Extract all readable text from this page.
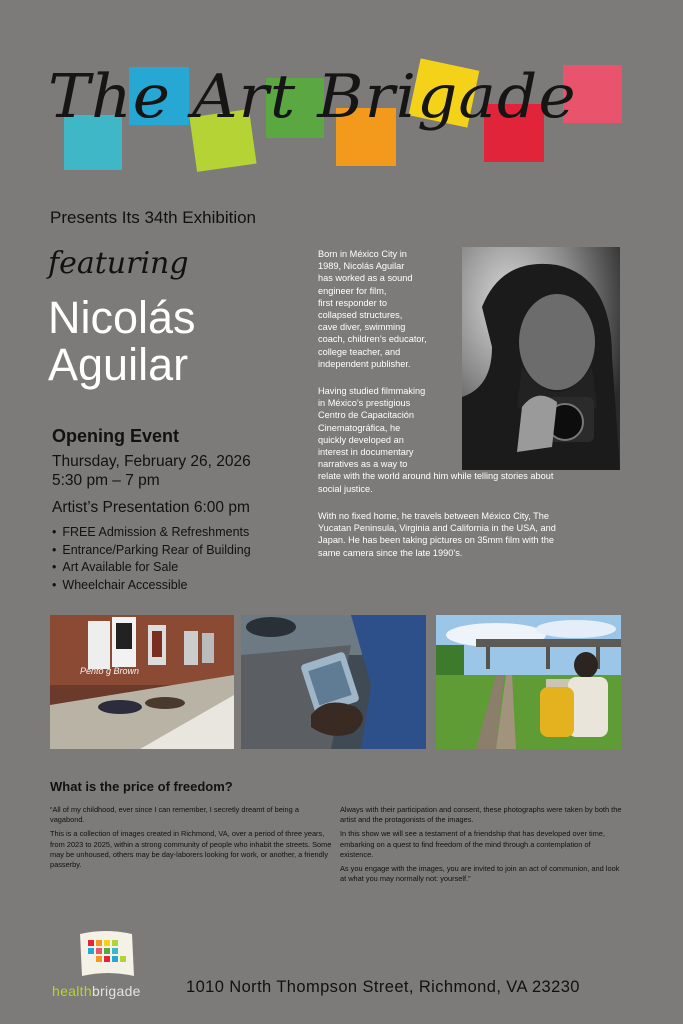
The Art Brigade
Presents Its 34th Exhibition
featuring
Nicolás
Aguilar
Opening Event
Thursday, February 26, 2026
5:30 pm – 7 pm
Artist’s Presentation 6:00 pm
• FREE Admission & Refreshments
• Entrance/Parking Rear of Building
• Art Available for Sale
• Wheelchair Accessible
Born in México City in
1989, Nicolás Aguilar
has worked as a sound
engineer for film,
first responder to
collapsed structures,
cave diver, swimming
coach, children’s educator,
college teacher, and
independent publisher.
Having studied filmmaking
in México’s prestigious
Centro de Capacitación
Cinematográfica, he
quickly developed an
interest in documentary
narratives as a way to
relate with the world around him while telling stories about
social justice.
With no fixed home, he travels between México City, The
Yucatan Peninsula, Virginia and California in the USA, and
Japan. He has been taking pictures on 35mm film with the
same camera since the late 1990’s.
Pento g Brown
What is the price of freedom?

“All of my childhood, ever since I can remember, I secretly dreamt of being a vagabond.

This is a collection of images created in Richmond, VA, over a period of three years, from 2023 to 2025, within a strong community of people who inhabit the streets. Some may be unhoused, others may be day-laborers looking for work, or another, a friendly passerby.

Always with their participation and consent, these photographs were taken by both the artist and the protagonists of the images.

In this show we will see a testament of a friendship that has developed over time, embarking on a quest to find freedom of the mind through a contemplation of existence.

As you engage with the images, you are invited to join an act of communion, and look at what you may normally not: yourself.”

healthbrigade	1010 North Thompson Street, Richmond, VA 23230
